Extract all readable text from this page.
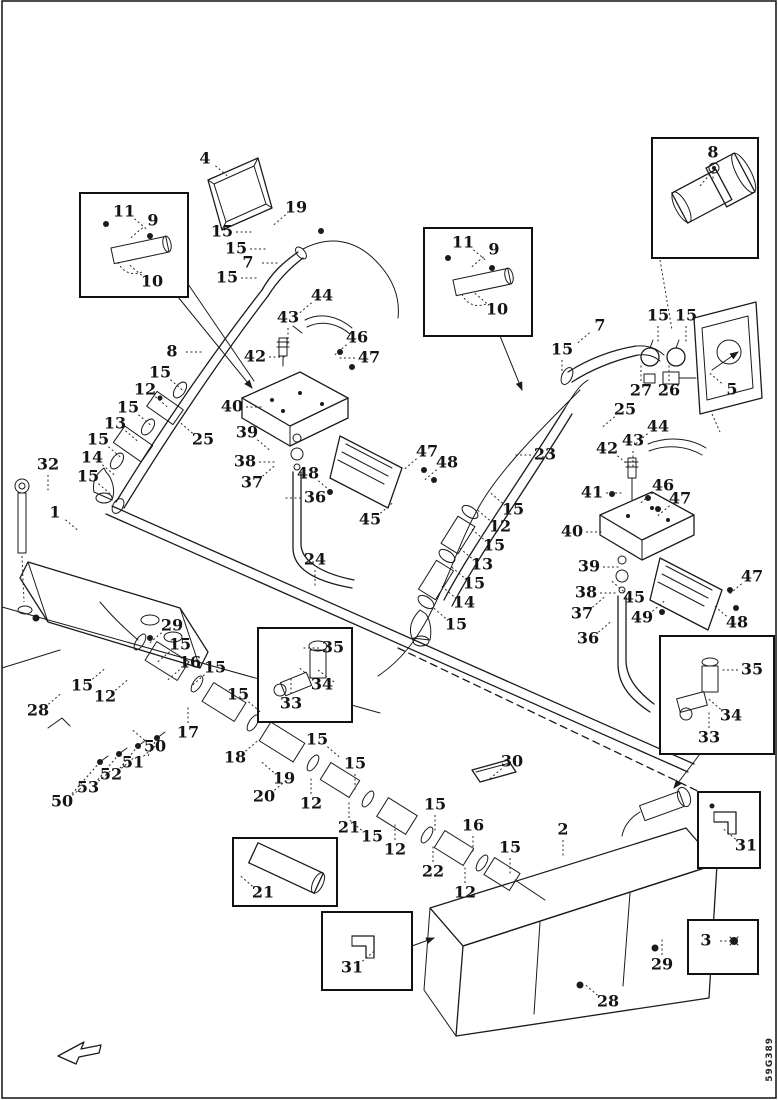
4
19
15
15
7
15
11 9
10
8
44
43
42
46
47
25
15
12
15
13
15
14
15
32
1
40
39
38
37 48
36
45
47
48
24
11 9
10
8
7
15
15 15
27 26	5
25
23
44
43
42
41	46
47
40
39
38
37
36
45
49
47
48
15
12
15
13
15
14
15
29
15
16 15
15
12	15
28
17
50
51
52
53
50
18
15
19
20 12
15
21 15
12
15
22
16
12
15
30
2
21
31
35
34
33
35
34
33
31
3
29
28
59G389
